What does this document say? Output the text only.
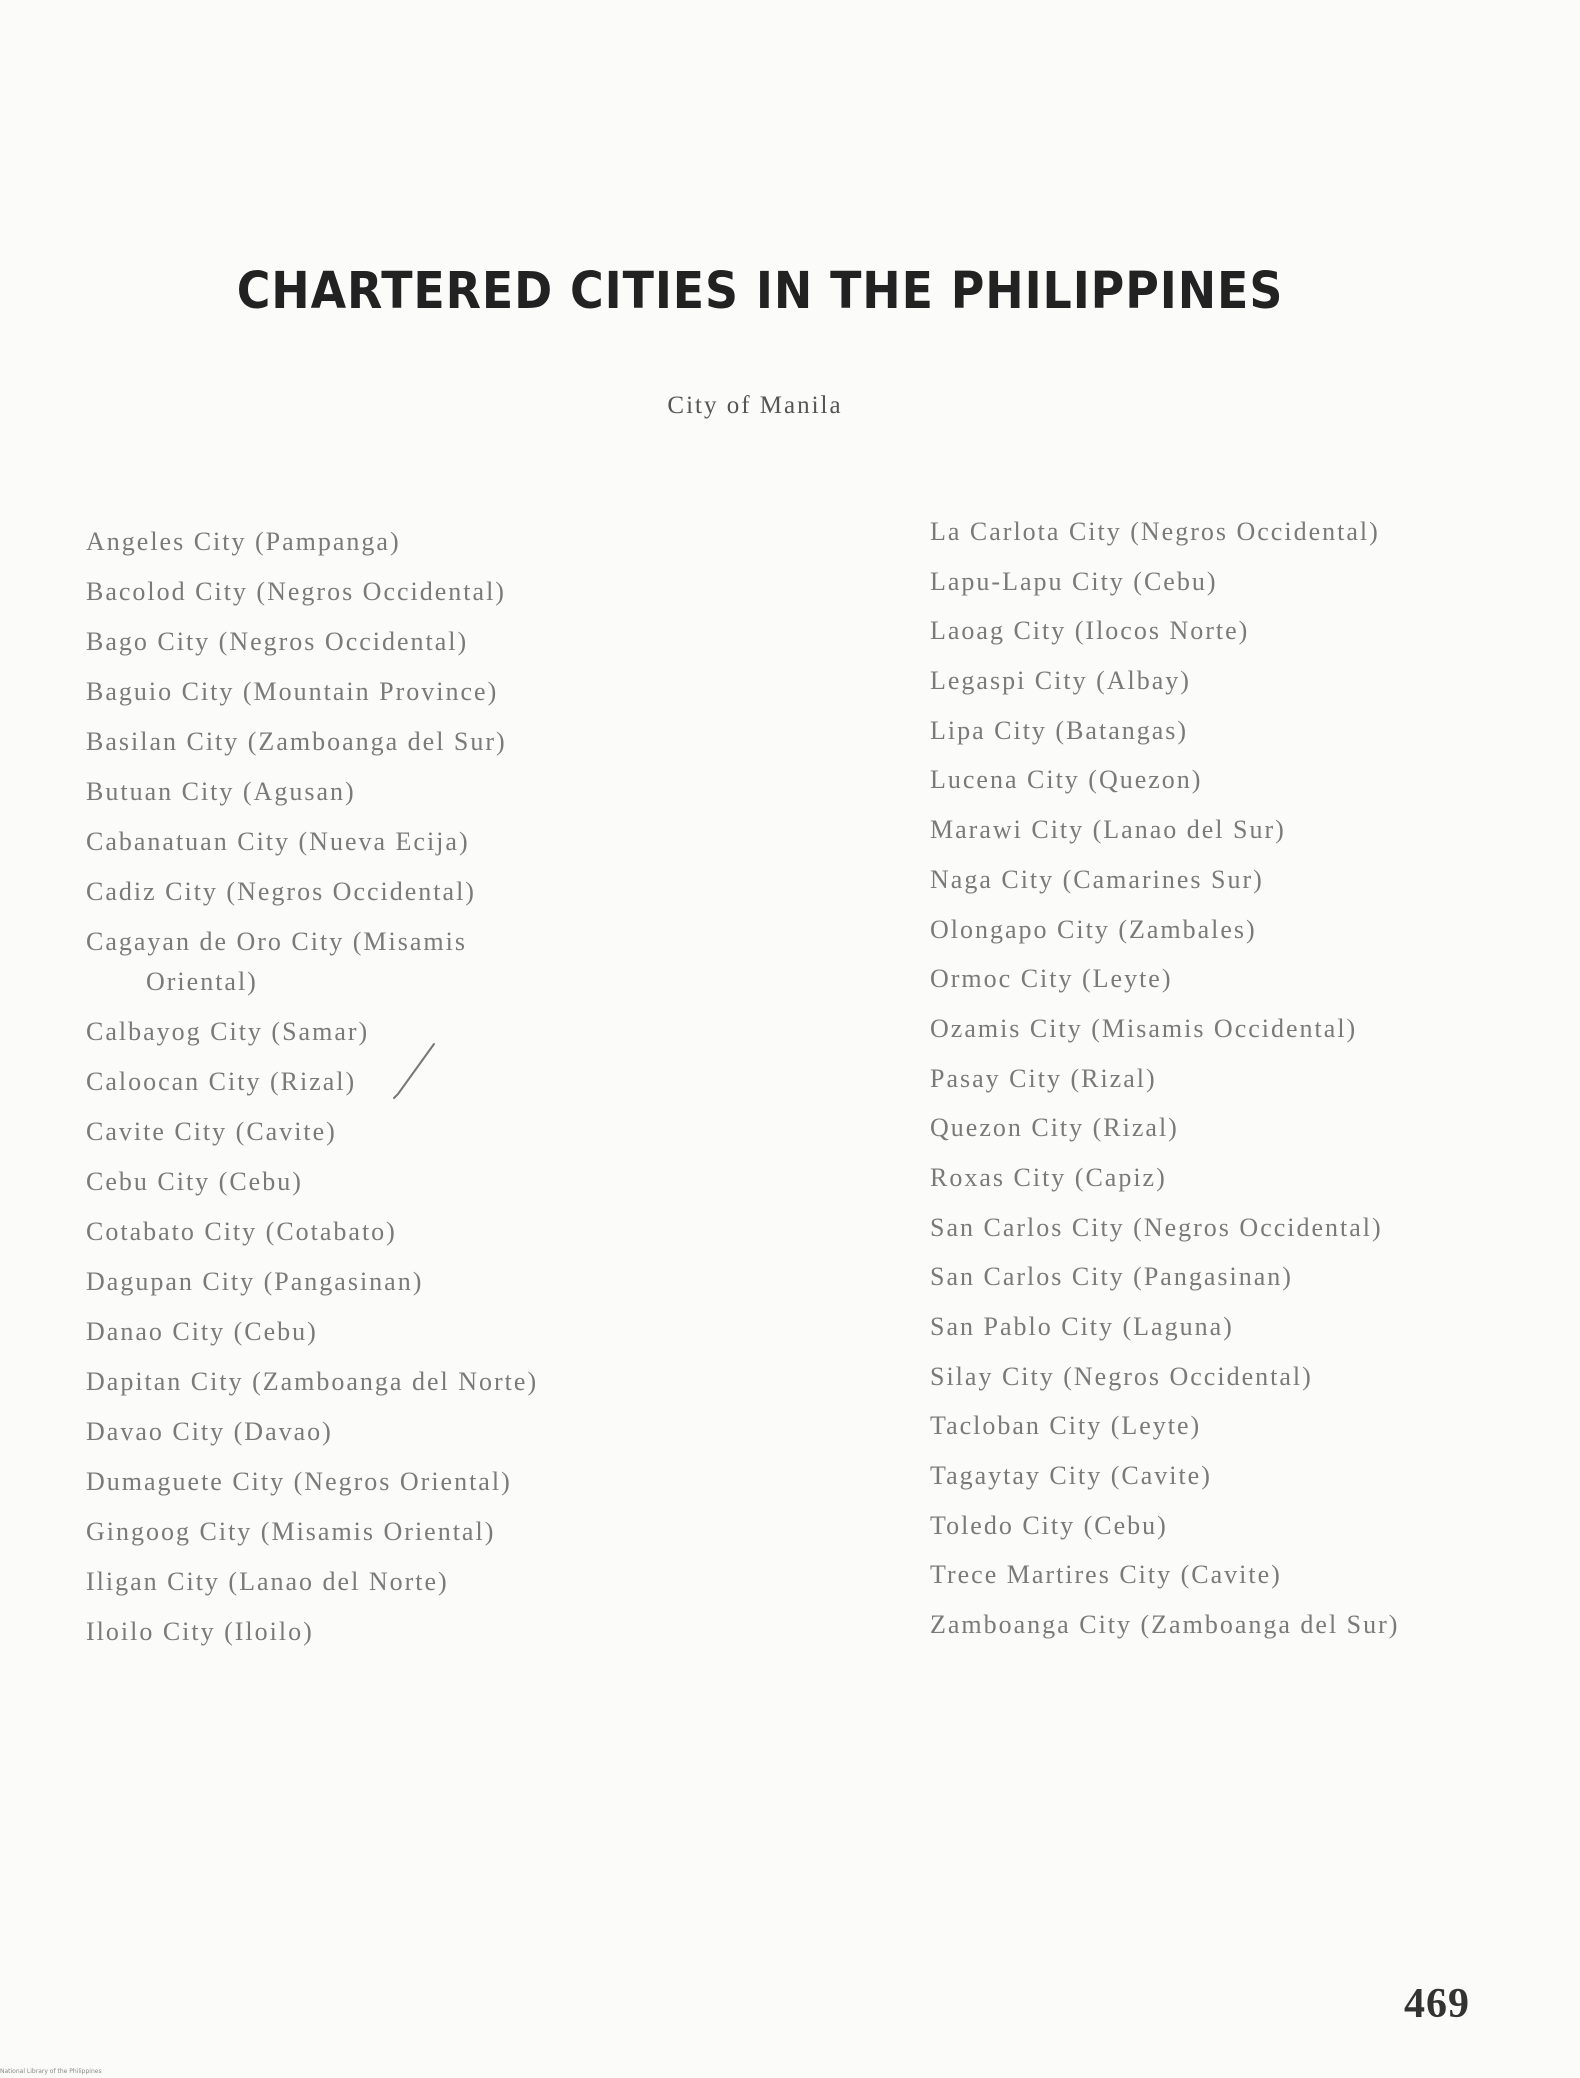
CHARTERED CITIES IN THE PHILIPPINES
City of Manila
Angeles City (Pampanga)
Bacolod City (Negros Occidental)
Bago City (Negros Occidental)
Baguio City (Mountain Province)
Basilan City (Zamboanga del Sur)
Butuan City (Agusan)
Cabanatuan City (Nueva Ecija)
Cadiz City (Negros Occidental)
Cagayan de Oro City (Misamis
Oriental)
Calbayog City (Samar)
Caloocan City (Rizal)
Cavite City (Cavite)
Cebu City (Cebu)
Cotabato City (Cotabato)
Dagupan City (Pangasinan)
Danao City (Cebu)
Dapitan City (Zamboanga del Norte)
Davao City (Davao)
Dumaguete City (Negros Oriental)
Gingoog City (Misamis Oriental)
Iligan City (Lanao del Norte)
Iloilo City (Iloilo)
La Carlota City (Negros Occidental)
Lapu-Lapu City (Cebu)
Laoag City (Ilocos Norte)
Legaspi City (Albay)
Lipa City (Batangas)
Lucena City (Quezon)
Marawi City (Lanao del Sur)
Naga City (Camarines Sur)
Olongapo City (Zambales)
Ormoc City (Leyte)
Ozamis City (Misamis Occidental)
Pasay City (Rizal)
Quezon City (Rizal)
Roxas City (Capiz)
San Carlos City (Negros Occidental)
San Carlos City (Pangasinan)
San Pablo City (Laguna)
Silay City (Negros Occidental)
Tacloban City (Leyte)
Tagaytay City (Cavite)
Toledo City (Cebu)
Trece Martires City (Cavite)
Zamboanga City (Zamboanga del Sur)
469
National Library of the Philippines
